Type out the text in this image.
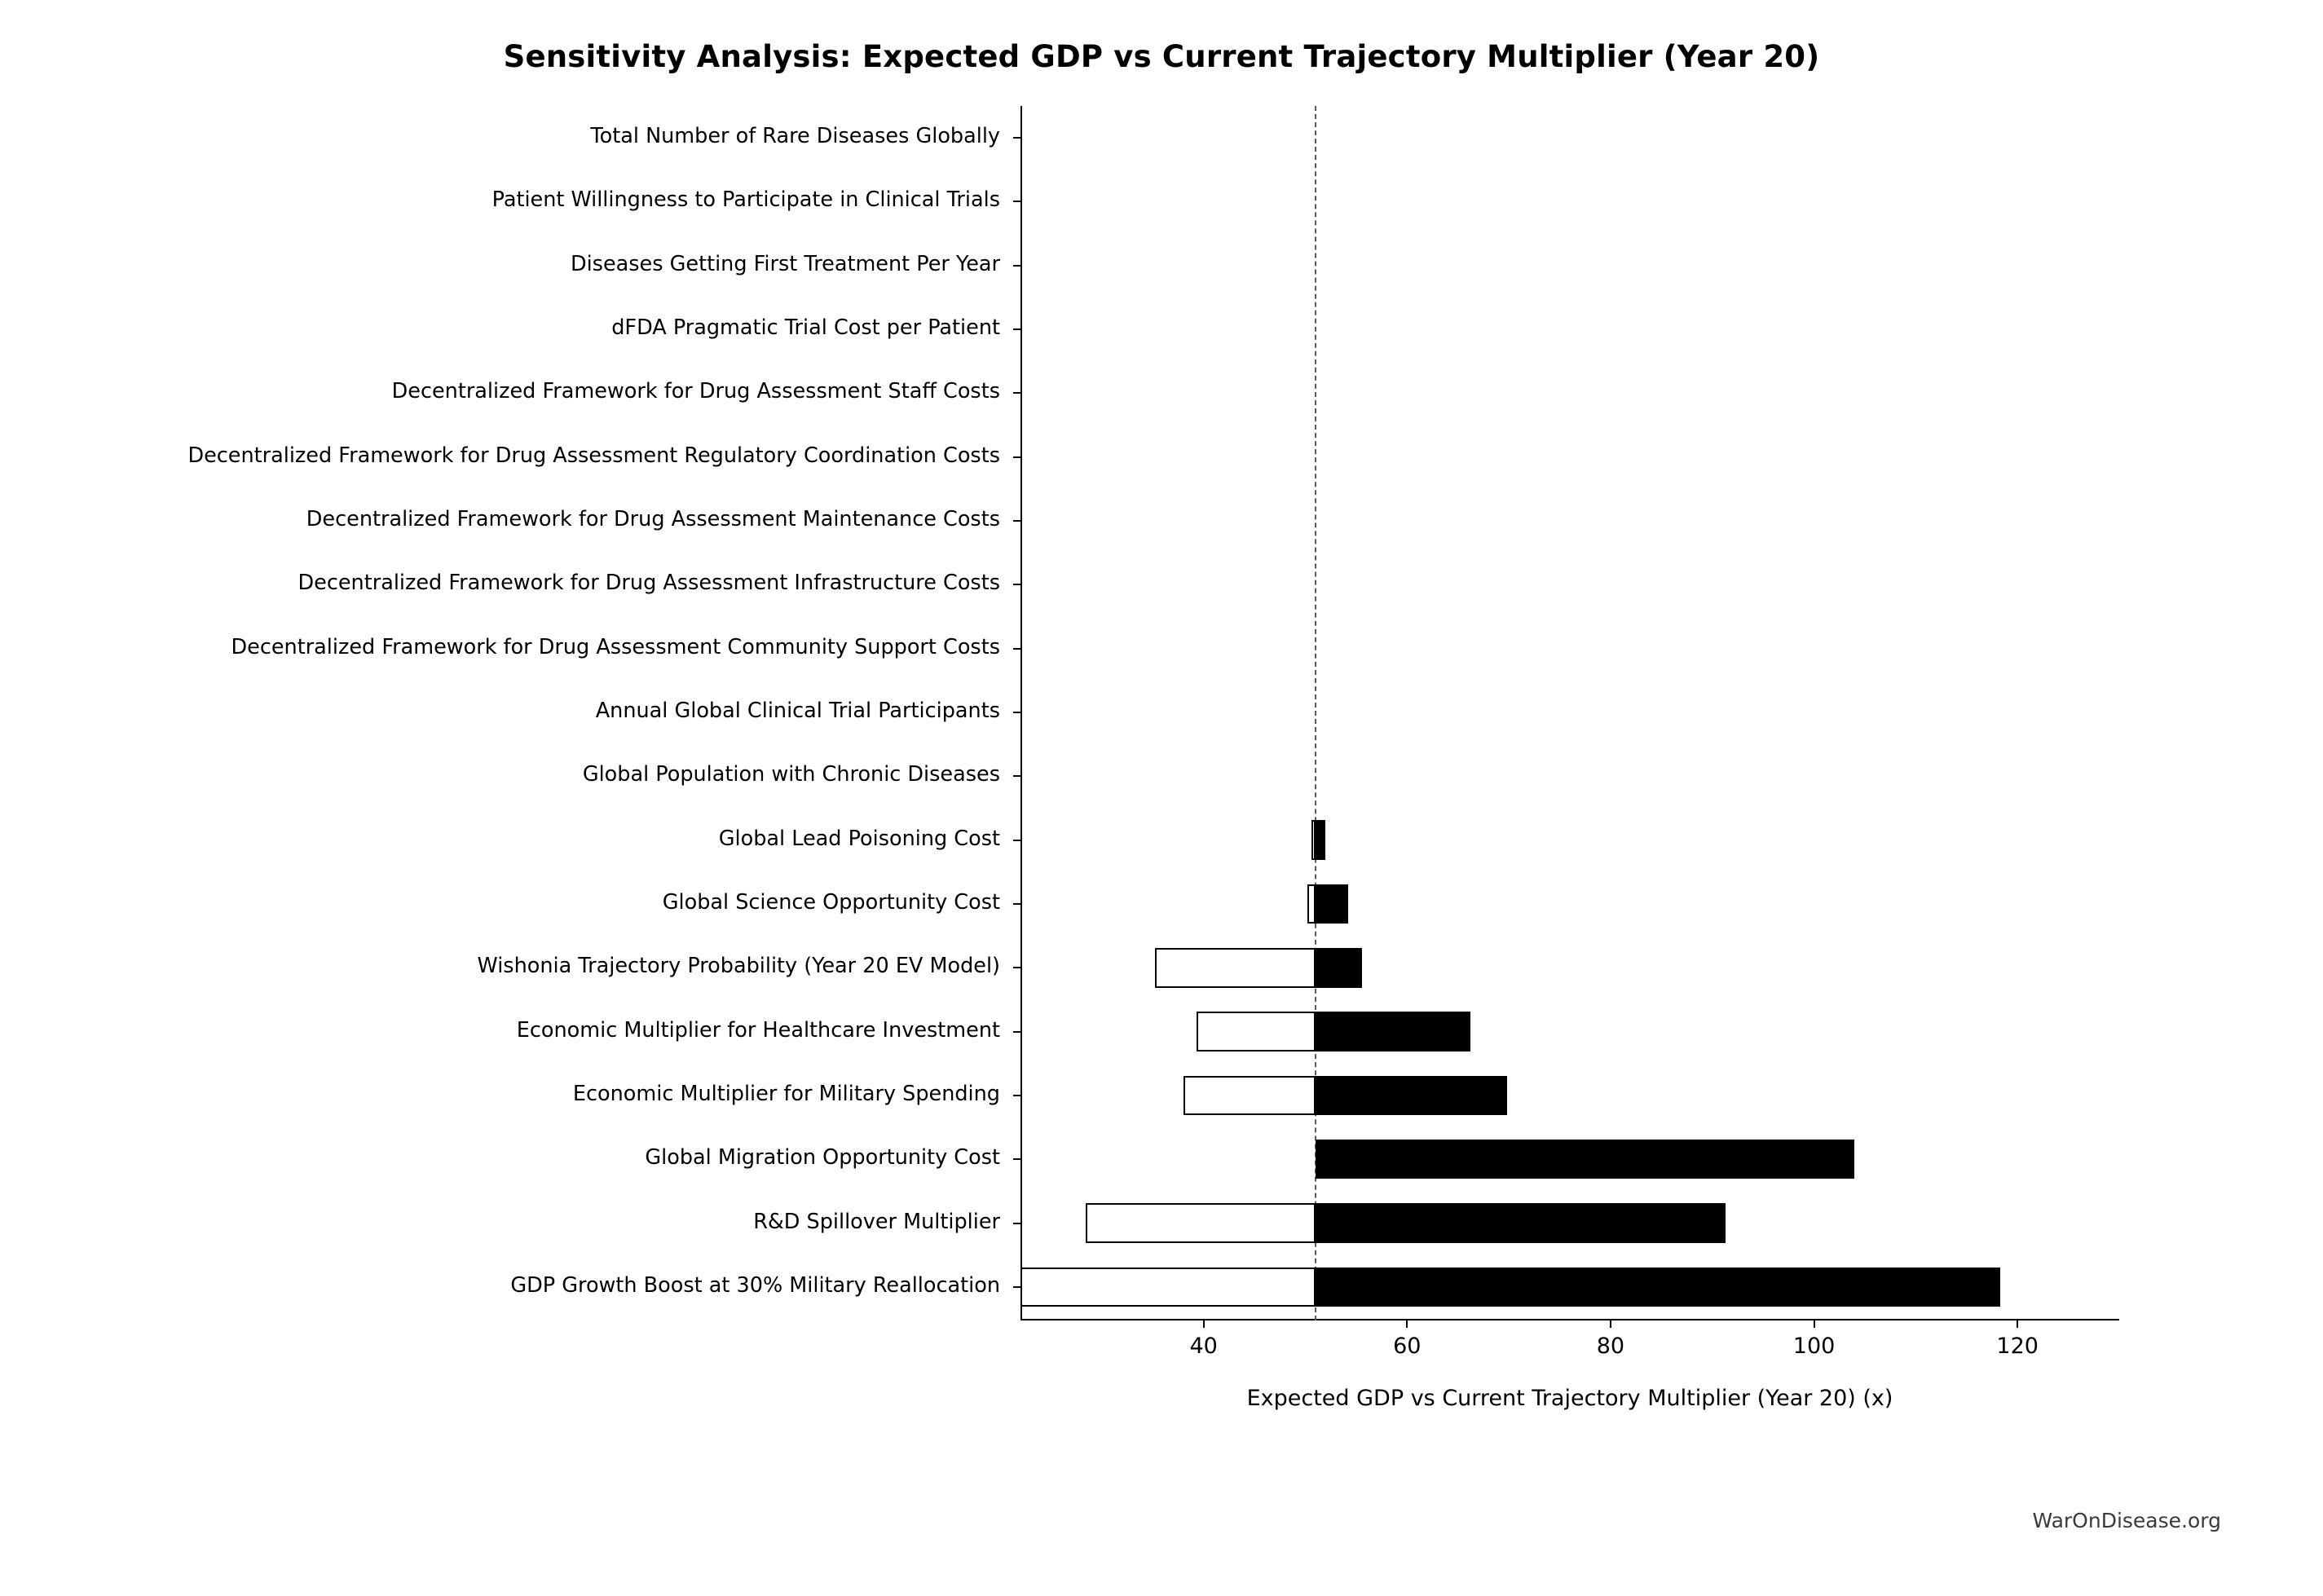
Sensitivity Analysis: Expected GDP vs Current Trajectory Multiplier (Year 20)
Expected GDP vs Current Trajectory Multiplier (Year 20) (x)
WarOnDisease.org
Total Number of Rare Diseases Globally
Patient Willingness to Participate in Clinical Trials
Diseases Getting First Treatment Per Year
dFDA Pragmatic Trial Cost per Patient
Decentralized Framework for Drug Assessment Staff Costs
Decentralized Framework for Drug Assessment Regulatory Coordination Costs
Decentralized Framework for Drug Assessment Maintenance Costs
Decentralized Framework for Drug Assessment Infrastructure Costs
Decentralized Framework for Drug Assessment Community Support Costs
Annual Global Clinical Trial Participants
Global Population with Chronic Diseases
Global Lead Poisoning Cost
Global Science Opportunity Cost
Wishonia Trajectory Probability (Year 20 EV Model)
Economic Multiplier for Healthcare Investment
Economic Multiplier for Military Spending
Global Migration Opportunity Cost
R&D Spillover Multiplier
GDP Growth Boost at 30% Military Reallocation
40	60	80	100	120
